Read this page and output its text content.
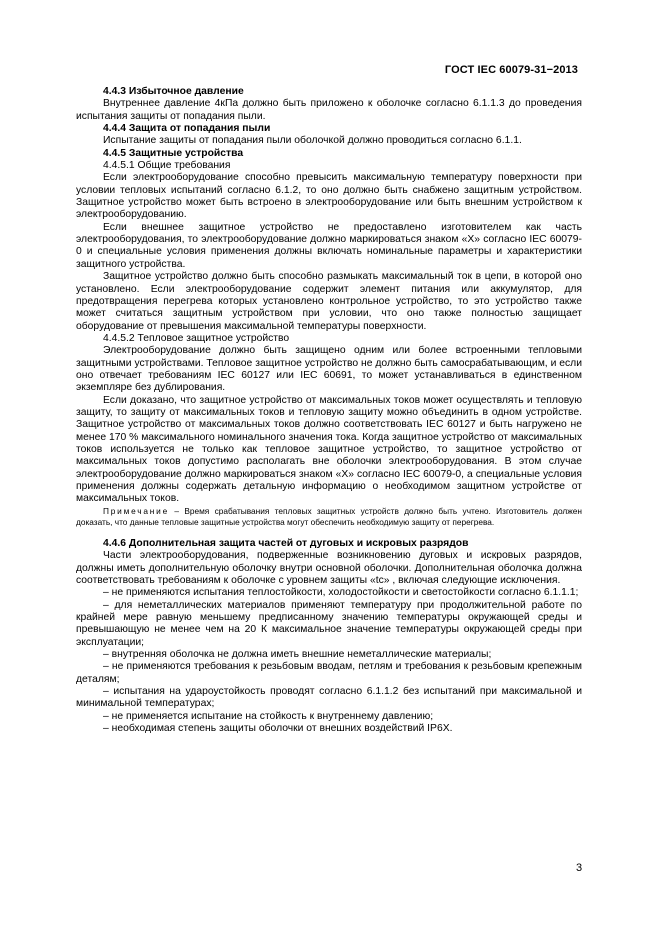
ГОСТ IEC 60079-31−2013

4.4.3 Избыточное давление

Внутреннее давление 4кПа должно быть приложено к оболочке согласно 6.1.1.3 до проведения испытания защиты от попадания пыли.

4.4.4 Защита от попадания пыли

Испытание защиты от попадания пыли оболочкой должно проводиться согласно 6.1.1.

4.4.5 Защитные устройства

4.4.5.1 Общие требования

Если электрооборудование способно превысить максимальную температуру поверхности при условии тепловых испытаний согласно 6.1.2, то оно должно быть снабжено защитным устройством. Защитное устройство может быть встроено в электрооборудование или быть внешним устройством к электрооборудованию.

Если внешнее защитное устройство не предоставлено изготовителем как часть электрооборудования, то электрооборудование должно маркироваться знаком «X» согласно IEC 60079-0 и специальные условия применения должны включать номинальные параметры и характеристики защитного устройства.

Защитное устройство должно быть способно размыкать максимальный ток в цепи, в которой оно установлено. Если электрооборудование содержит элемент питания или аккумулятор, для предотвращения перегрева которых установлено контрольное устройство, то это устройство также может считаться защитным устройством при условии, что оно также полностью защищает оборудование от превышения максимальной температуры поверхности.

4.4.5.2 Тепловое защитное устройство

Электрооборудование должно быть защищено одним или более встроенными тепловыми защитными устройствами. Тепловое защитное устройство не должно быть самосрабатывающим, и если оно отвечает требованиям IEC 60127 или IEC 60691, то может устанавливаться в единственном экземпляре без дублирования.

Если доказано, что защитное устройство от максимальных токов может осуществлять и тепловую защиту, то защиту от максимальных токов и тепловую защиту можно объединить в одном устройстве. Защитное устройство от максимальных токов должно соответствовать IEC 60127 и быть нагружено не менее 170 % максимального номинального значения тока. Когда защитное устройство от максимальных токов используется не только как тепловое защитное устройство, то защитное устройство от максимальных токов допустимо располагать вне оболочки электрооборудования. В этом случае электрооборудование должно маркироваться знаком «X» согласно IEC 60079-0, а специальные условия применения должны содержать детальную информацию о необходимом защитном устройстве от максимальных токов.

Примечание – Время срабатывания тепловых защитных устройств должно быть учтено. Изготовитель должен доказать, что данные тепловые защитные устройства могут обеспечить необходимую защиту от перегрева.

4.4.6 Дополнительная защита частей от дуговых и искровых разрядов

Части электрооборудования, подверженные возникновению дуговых и искровых разрядов, должны иметь дополнительную оболочку внутри основной оболочки. Дополнительная оболочка должна соответствовать требованиям к оболочке с уровнем защиты «tc» , включая следующие исключения.

– не применяются испытания теплостойкости, холодостойкости и светостойкости согласно 6.1.1.1;

– для неметаллических материалов применяют температуру при продолжительной работе по крайней мере равную меньшему предписанному значению температуры окружающей среды и превышающую не менее чем на 20 К максимальное значение температуры окружающей среды при эксплуатации;

– внутренняя оболочка не должна иметь внешние неметаллические материалы;

– не применяются требования к резьбовым вводам, петлям и требования к резьбовым крепежным деталям;

– испытания на удароустойкость проводят согласно 6.1.1.2 без испытаний при максимальной и минимальной температурах;

– не применяется испытание на стойкость к внутреннему давлению;

– необходимая степень защиты оболочки от внешних воздействий IP6X.

3
